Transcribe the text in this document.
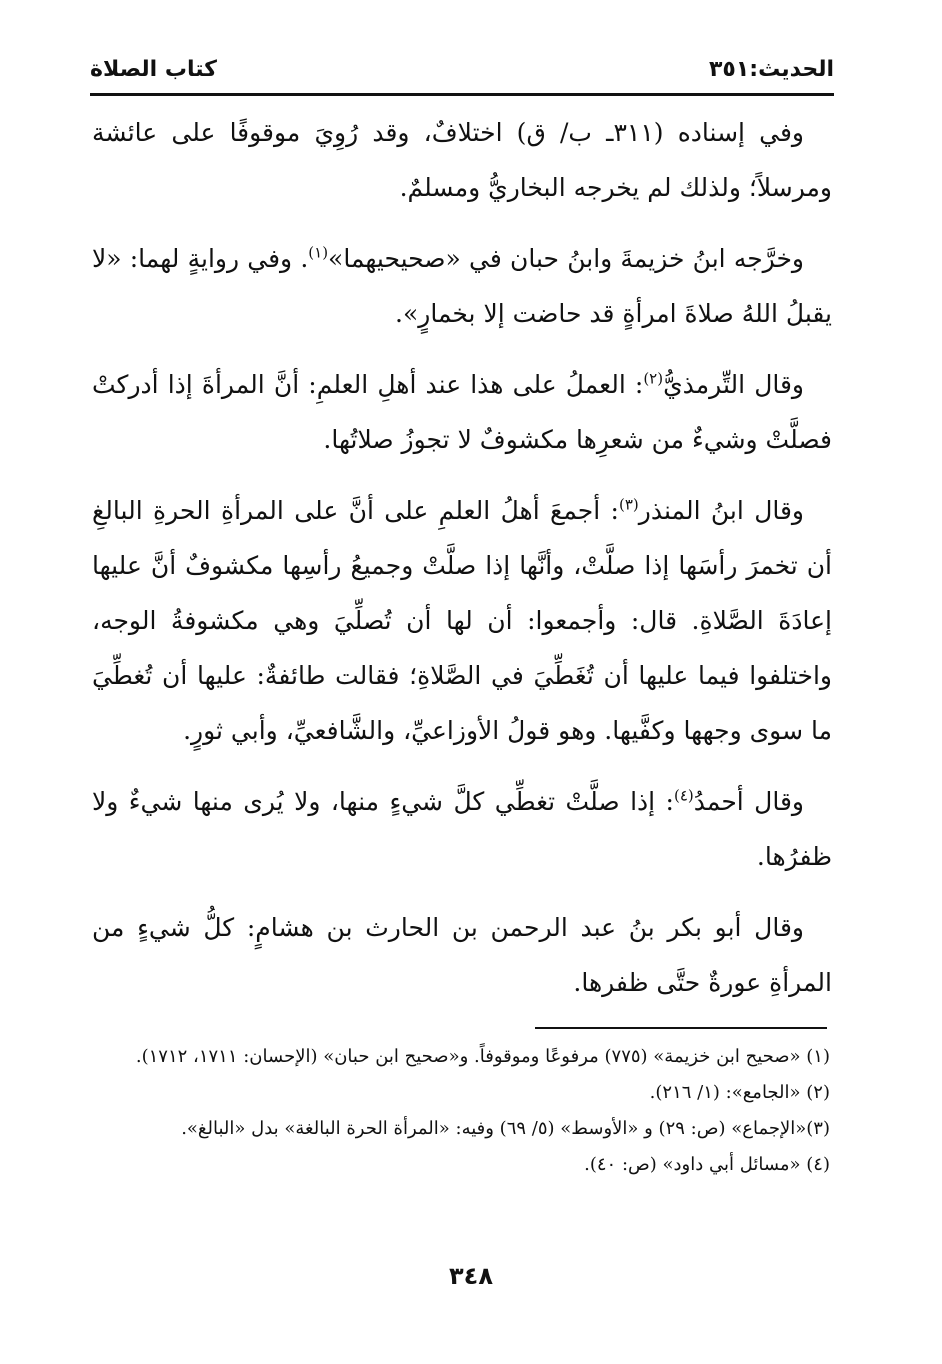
الحديث:٣٥١
كتاب الصلاة

وفي إسناده (٣١١ـ ب/ ق) اختلافٌ، وقد رُوِيَ موقوفًا على عائشة ومرسلاً؛ ولذلك لم يخرجه البخاريُّ ومسلمٌ.

وخرَّجه ابنُ خزيمةَ وابنُ حبان في «صحيحيهما»$^{(١)}$. وفي روايةٍ لهما: «لا يقبلُ اللهُ صلاةَ امرأةٍ قد حاضت إلا بخمارٍ».

وقال التِّرمذيُّ$^{(٢)}$: العملُ على هذا عند أهلِ العلمِ: أنَّ المرأةَ إذا أدركتْ فصلَّتْ وشيءٌ من شعرِها مكشوفٌ لا تجوزُ صلاتُها.

وقال ابنُ المنذر$^{(٣)}$: أجمعَ أهلُ العلمِ على أنَّ على المرأةِ الحرةِ البالغِ أن تخمرَ رأسَها إذا صلَّتْ، وأنَّها إذا صلَّتْ وجميعُ رأسِها مكشوفٌ أنَّ عليها إعادَةَ الصَّلاةِ. قال: وأجمعوا: أن لها أن تُصلِّيَ وهي مكشوفةُ الوجه، واختلفوا فيما عليها أن تُغَطِّيَ في الصَّلاةِ؛ فقالت طائفةٌ: عليها أن تُغطِّيَ ما سوى وجهها وكفَّيها. وهو قولُ الأوزاعيِّ، والشَّافعيِّ، وأبي ثورٍ.

وقال أحمدُ$^{(٤)}$: إذا صلَّتْ تغطِّي كلَّ شيءٍ منها، ولا يُرى منها شيءٌ ولا ظفرُها.

وقال أبو بكر بنُ عبد الرحمن بن الحارث بن هشامٍ: كلُّ شيءٍ من المرأةِ عورةٌ حتَّى ظفرها.

(١) «صحيح ابن خزيمة» (٧٧٥) مرفوعًا وموقوفاً. و«صحيح ابن حبان» (الإحسان: ١٧١١، ١٧١٢).

(٢) «الجامع»: (١/ ٢١٦).

(٣)«الإجماع» (ص: ٢٩) و «الأوسط» (٥/ ٦٩) وفيه: «المرأة الحرة البالغة» بدل «البالغ».

(٤) «مسائل أبي داود» (ص: ٤٠).

٣٤٨
